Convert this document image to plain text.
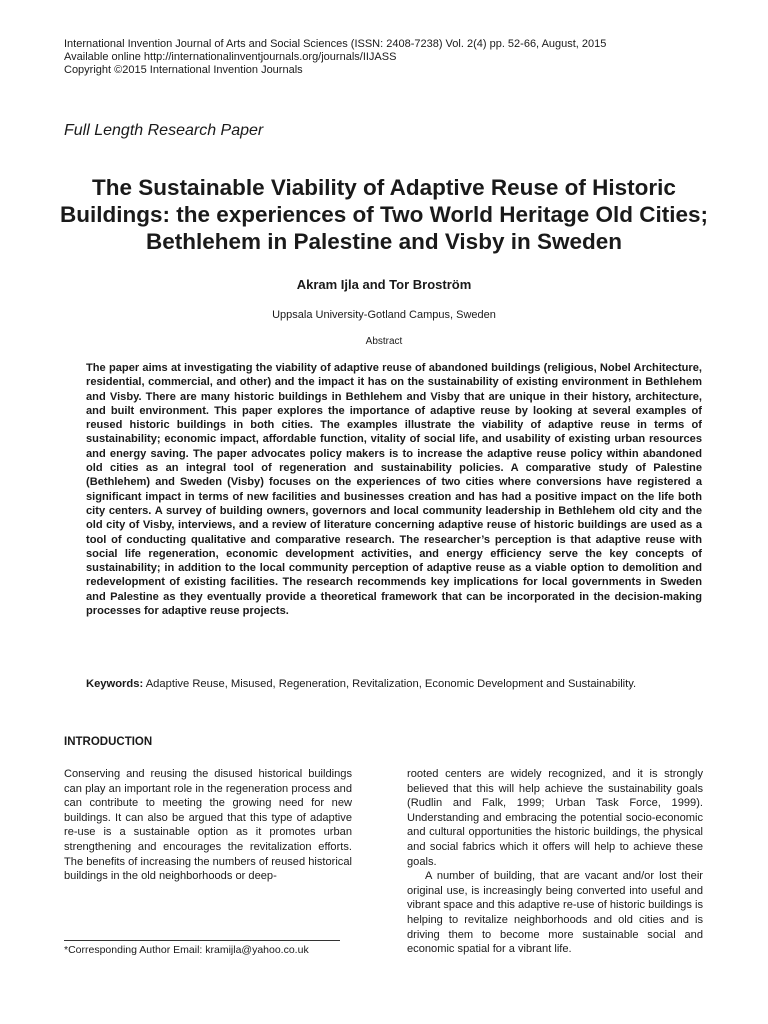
International Invention Journal of Arts and Social Sciences (ISSN: 2408-7238) Vol. 2(4) pp. 52-66, August, 2015
Available online http://internationalinventjournals.org/journals/IIJASS
Copyright ©2015 International Invention Journals
Full Length Research Paper
The Sustainable Viability of Adaptive Reuse of Historic Buildings: the experiences of Two World Heritage Old Cities; Bethlehem in Palestine and Visby in Sweden
Akram Ijla and Tor Broström
Uppsala University-Gotland Campus, Sweden
Abstract
The paper aims at investigating the viability of adaptive reuse of abandoned buildings (religious, Nobel Architecture, residential, commercial, and other) and the impact it has on the sustainability of existing environment in Bethlehem and Visby. There are many historic buildings in Bethlehem and Visby that are unique in their history, architecture, and built environment. This paper explores the importance of adaptive reuse by looking at several examples of reused historic buildings in both cities. The examples illustrate the viability of adaptive reuse in terms of sustainability; economic impact, affordable function, vitality of social life, and usability of existing urban resources and energy saving. The paper advocates policy makers is to increase the adaptive reuse policy within abandoned old cities as an integral tool of regeneration and sustainability policies. A comparative study of Palestine (Bethlehem) and Sweden (Visby) focuses on the experiences of two cities where conversions have registered a significant impact in terms of new facilities and businesses creation and has had a positive impact on the life both city centers. A survey of building owners, governors and local community leadership in Bethlehem old city and the old city of Visby, interviews, and a review of literature concerning adaptive reuse of historic buildings are used as a tool of conducting qualitative and comparative research. The researcher’s perception is that adaptive reuse with social life regeneration, economic development activities, and energy efficiency serve the key concepts of sustainability; in addition to the local community perception of adaptive reuse as a viable option to demolition and redevelopment of existing facilities. The research recommends key implications for local governments in Sweden and Palestine as they eventually provide a theoretical framework that can be incorporated in the decision-making processes for adaptive reuse projects.
Keywords: Adaptive Reuse, Misused, Regeneration, Revitalization, Economic Development and Sustainability.
INTRODUCTION

Conserving and reusing the disused historical buildings can play an important role in the regeneration process and can contribute to meeting the growing need for new buildings. It can also be argued that this type of adaptive re-use is a sustainable option as it promotes urban strengthening and encourages the revitalization efforts. The benefits of increasing the numbers of reused historical buildings in the old neighborhoods or deep-

rooted centers are widely recognized, and it is strongly believed that this will help achieve the sustainability goals (Rudlin and Falk, 1999; Urban Task Force, 1999). Understanding and embracing the potential socio-economic and cultural opportunities the historic buildings, the physical and social fabrics which it offers will help to achieve these goals.

A number of building, that are vacant and/or lost their original use, is increasingly being converted into useful and vibrant space and this adaptive re-use of historic buildings is helping to revitalize neighborhoods and old cities and is driving them to become more sustainable social and economic spatial for a vibrant life.

*Corresponding Author Email: kramijla@yahoo.co.uk
